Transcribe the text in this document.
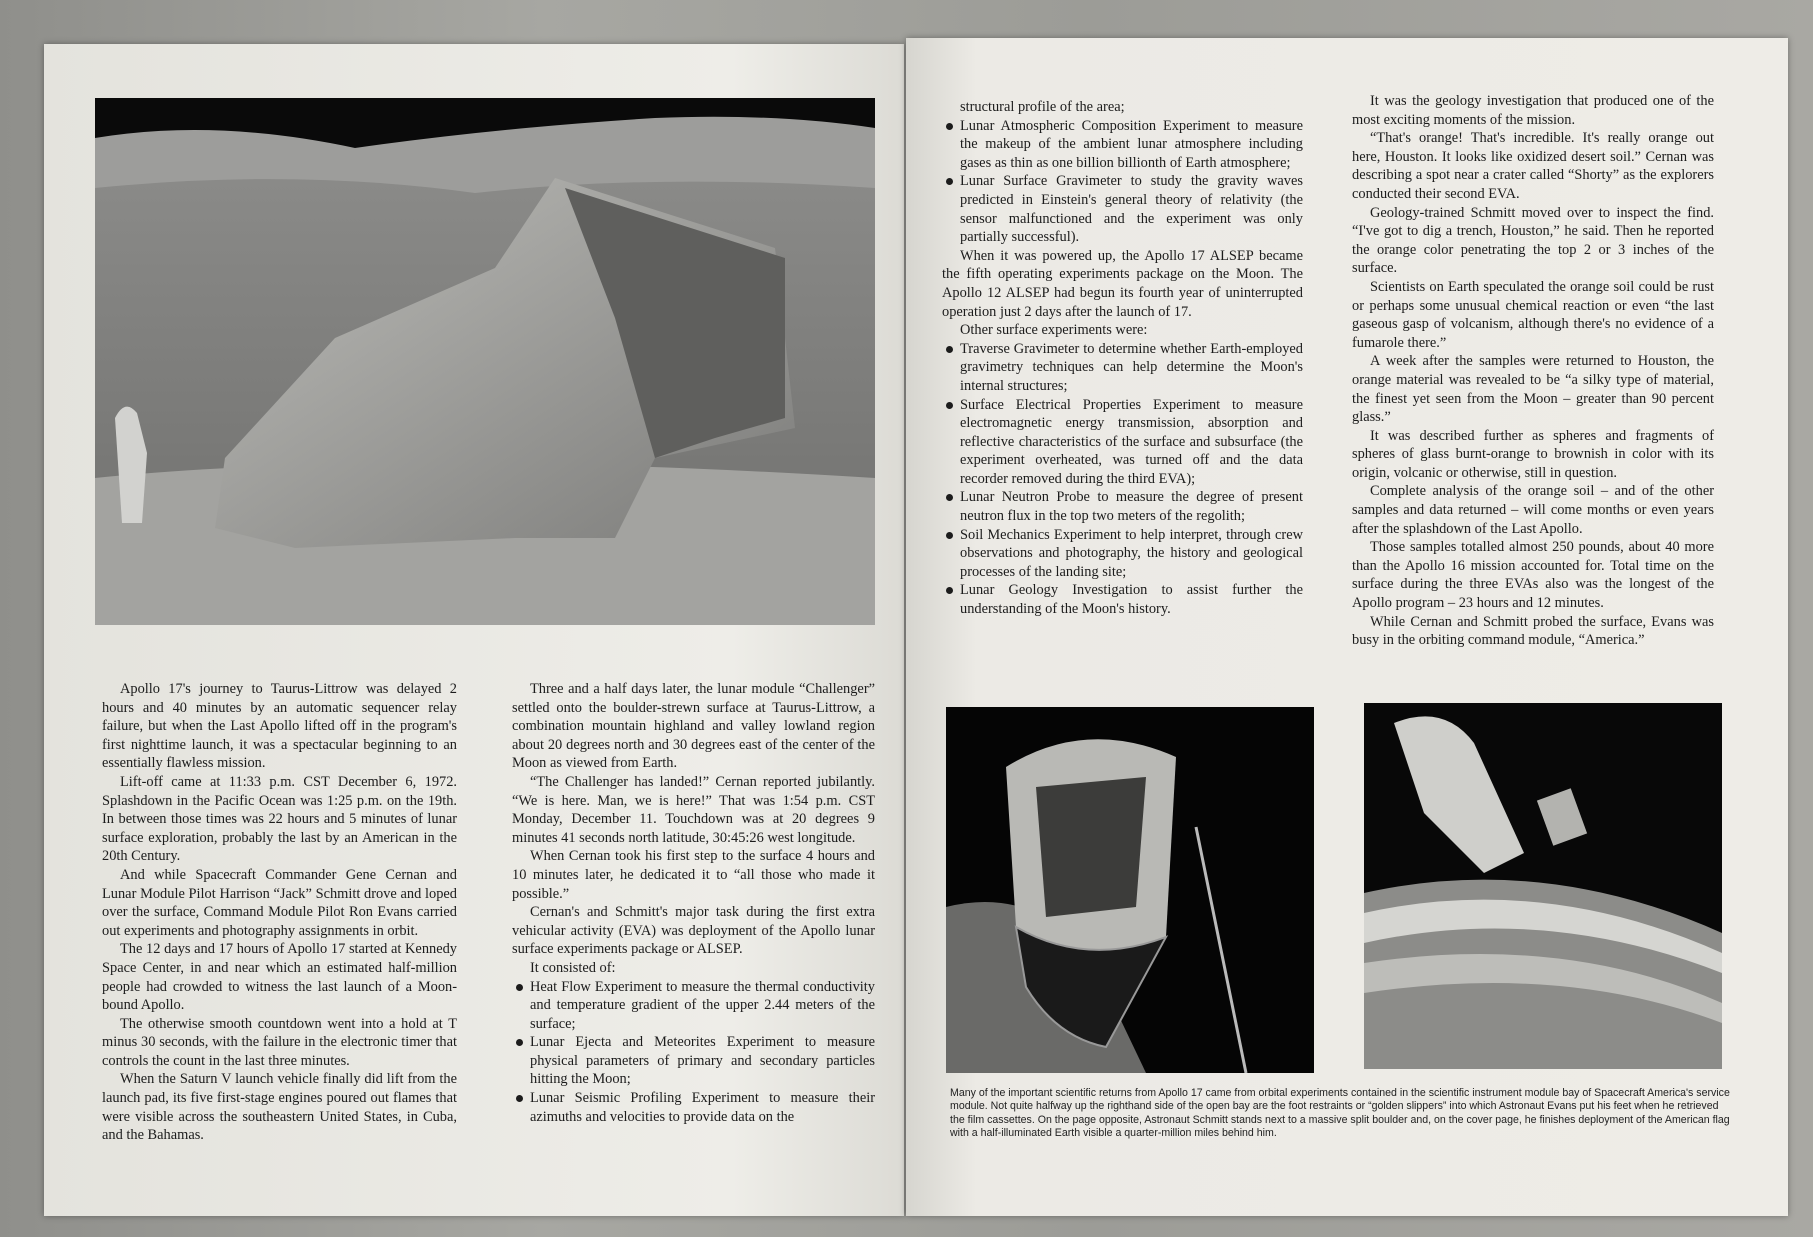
Apollo 17's journey to Taurus-Littrow was delayed 2 hours and 40 minutes by an automatic sequencer relay failure, but when the Last Apollo lifted off in the program's first nighttime launch, it was a spectacular beginning to an essentially flawless mission.

Lift-off came at 11:33 p.m. CST December 6, 1972. Splashdown in the Pacific Ocean was 1:25 p.m. on the 19th. In between those times was 22 hours and 5 minutes of lunar surface exploration, probably the last by an American in the 20th Century.

And while Spacecraft Commander Gene Cernan and Lunar Module Pilot Harrison “Jack” Schmitt drove and loped over the surface, Command Module Pilot Ron Evans carried out experiments and photography assignments in orbit.

The 12 days and 17 hours of Apollo 17 started at Kennedy Space Center, in and near which an estimated half-million people had crowded to witness the last launch of a Moon-bound Apollo.

The otherwise smooth countdown went into a hold at T minus 30 seconds, with the failure in the electronic timer that controls the count in the last three minutes.

When the Saturn V launch vehicle finally did lift from the launch pad, its five first-stage engines poured out flames that were visible across the southeastern United States, in Cuba, and the Bahamas.

Three and a half days later, the lunar module “Challenger” settled onto the boulder-strewn surface at Taurus-Littrow, a combination mountain highland and valley lowland region about 20 degrees north and 30 degrees east of the center of the Moon as viewed from Earth.

“The Challenger has landed!” Cernan reported jubilantly. “We is here. Man, we is here!” That was 1:54 p.m. CST Monday, December 11. Touchdown was at 20 degrees 9 minutes 41 seconds north latitude, 30:45:26 west longitude.

When Cernan took his first step to the surface 4 hours and 10 minutes later, he dedicated it to “all those who made it possible.”

Cernan's and Schmitt's major task during the first extra vehicular activity (EVA) was deployment of the Apollo lunar surface experiments package or ALSEP.

It consisted of:

Heat Flow Experiment to measure the thermal conductivity and temperature gradient of the upper 2.44 meters of the surface;
Lunar Ejecta and Meteorites Experiment to measure physical parameters of primary and secondary particles hitting the Moon;
Lunar Seismic Profiling Experiment to measure their azimuths and velocities to provide data on the

structural profile of the area;

Lunar Atmospheric Composition Experiment to measure the makeup of the ambient lunar atmosphere including gases as thin as one billion billionth of Earth atmosphere;
Lunar Surface Gravimeter to study the gravity waves predicted in Einstein's general theory of relativity (the sensor malfunctioned and the experiment was only partially successful).

When it was powered up, the Apollo 17 ALSEP became the fifth operating experiments package on the Moon. The Apollo 12 ALSEP had begun its fourth year of uninterrupted operation just 2 days after the launch of 17.

Other surface experiments were:

Traverse Gravimeter to determine whether Earth-employed gravimetry techniques can help determine the Moon's internal structures;
Surface Electrical Properties Experiment to measure electromagnetic energy transmission, absorption and reflective characteristics of the surface and subsurface (the experiment overheated, was turned off and the data recorder removed during the third EVA);
Lunar Neutron Probe to measure the degree of present neutron flux in the top two meters of the regolith;
Soil Mechanics Experiment to help interpret, through crew observations and photography, the history and geological processes of the landing site;
Lunar Geology Investigation to assist further the understanding of the Moon's history.

It was the geology investigation that produced one of the most exciting moments of the mission.

“That's orange! That's incredible. It's really orange out here, Houston. It looks like oxidized desert soil.” Cernan was describing a spot near a crater called “Shorty” as the explorers conducted their second EVA.

Geology-trained Schmitt moved over to inspect the find. “I've got to dig a trench, Houston,” he said. Then he reported the orange color penetrating the top 2 or 3 inches of the surface.

Scientists on Earth speculated the orange soil could be rust or perhaps some unusual chemical reaction or even “the last gaseous gasp of volcanism, although there's no evidence of a fumarole there.”

A week after the samples were returned to Houston, the orange material was revealed to be “a silky type of material, the finest yet seen from the Moon – greater than 90 percent glass.”

It was described further as spheres and fragments of spheres of glass burnt-orange to brownish in color with its origin, volcanic or otherwise, still in question.

Complete analysis of the orange soil – and of the other samples and data returned – will come months or even years after the splashdown of the Last Apollo.

Those samples totalled almost 250 pounds, about 40 more than the Apollo 16 mission accounted for. Total time on the surface during the three EVAs also was the longest of the Apollo program – 23 hours and 12 minutes.

While Cernan and Schmitt probed the surface, Evans was busy in the orbiting command module, “America.”

Many of the important scientific returns from Apollo 17 came from orbital experiments contained in the scientific instrument module bay of Spacecraft America's service module. Not quite halfway up the righthand side of the open bay are the foot restraints or “golden slippers” into which Astronaut Evans put his feet when he retrieved the film cassettes. On the page opposite, Astronaut Schmitt stands next to a massive split boulder and, on the cover page, he finishes deployment of the American flag with a half-illuminated Earth visible a quarter-million miles behind him.
